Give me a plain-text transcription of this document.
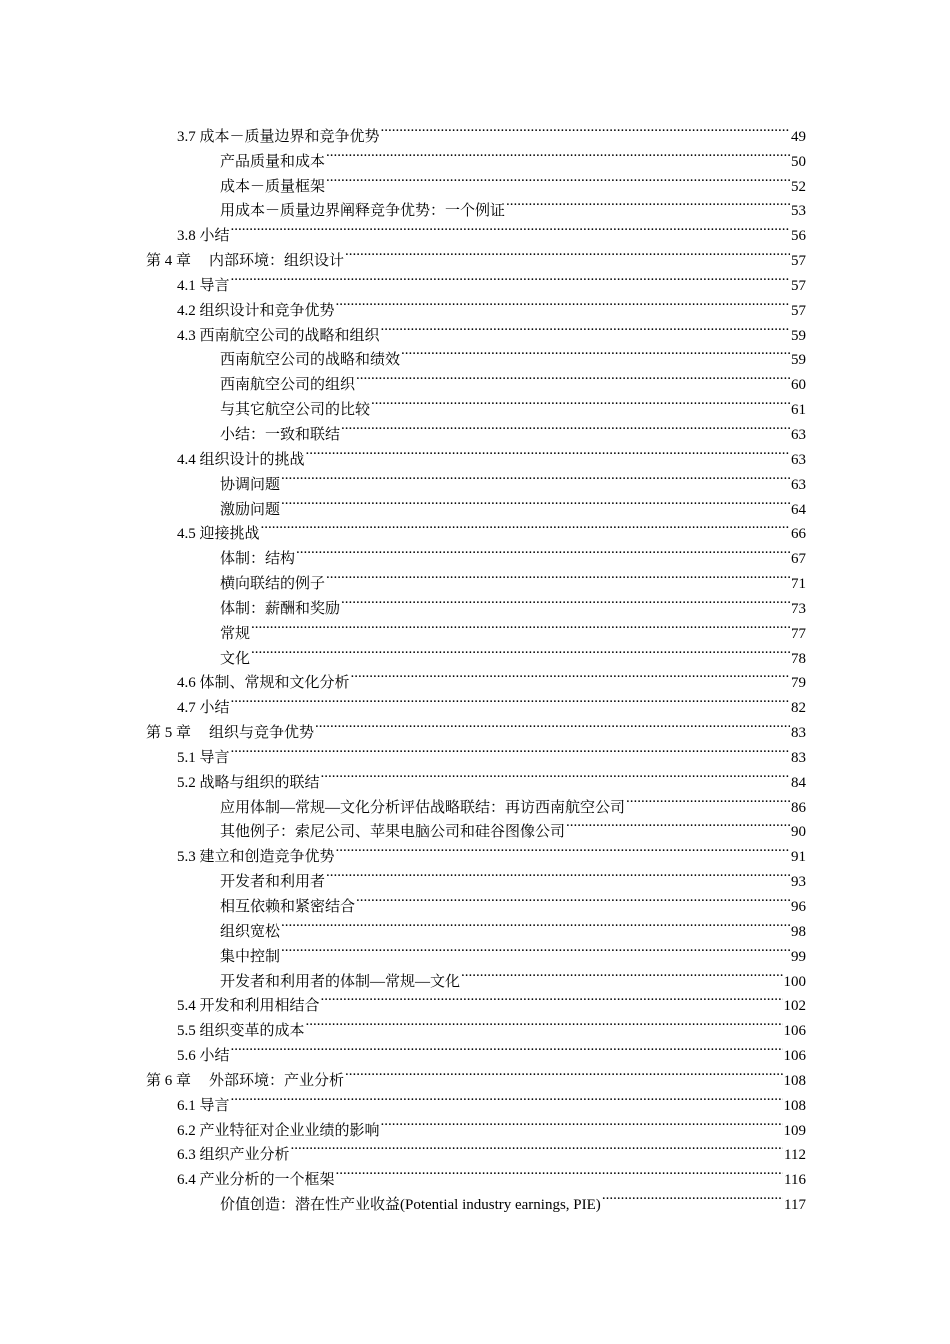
3.7 成本－质量边界和竞争优势 .....	49
产品质量和成本 .....	50
成本－质量框架 .....	52
用成本－质量边界阐释竞争优势：一个例证 .....	53
3.8 小结 .....	56
第 4 章 内部环境：组织设计 .....	57
4.1 导言 .....	57
4.2 组织设计和竞争优势 .....	57
4.3 西南航空公司的战略和组织 .....	59
西南航空公司的战略和绩效 .....	59
西南航空公司的组织 .....	60
与其它航空公司的比较 .....	61
小结：一致和联结 .....	63
4.4 组织设计的挑战 .....	63
协调问题 .....	63
激励问题 .....	64
4.5 迎接挑战 .....	66
体制：结构 .....	67
横向联结的例子 .....	71
体制：薪酬和奖励 .....	73
常规 .....	77
文化 .....	78
4.6 体制、常规和文化分析 .....	79
4.7 小结 .....	82
第 5 章 组织与竞争优势 .....	83
5.1 导言 .....	83
5.2 战略与组织的联结 .....	84
应用体制—常规—文化分析评估战略联结：再访西南航空公司 .....	86
其他例子：索尼公司、苹果电脑公司和硅谷图像公司 .....	90
5.3 建立和创造竞争优势 .....	91
开发者和利用者 .....	93
相互依赖和紧密结合 .....	96
组织宽松 .....	98
集中控制 .....	99
开发者和利用者的体制—常规—文化 .....	100
5.4 开发和利用相结合 .....	102
5.5 组织变革的成本 .....	106
5.6 小结 .....	106
第 6 章 外部环境：产业分析 .....	108
6.1 导言 .....	108
6.2 产业特征对企业业绩的影响 .....	109
6.3 组织产业分析 .....	112
6.4 产业分析的一个框架 .....	116
价值创造：潜在性产业收益(Potential industry earnings, PIE) .....	117
